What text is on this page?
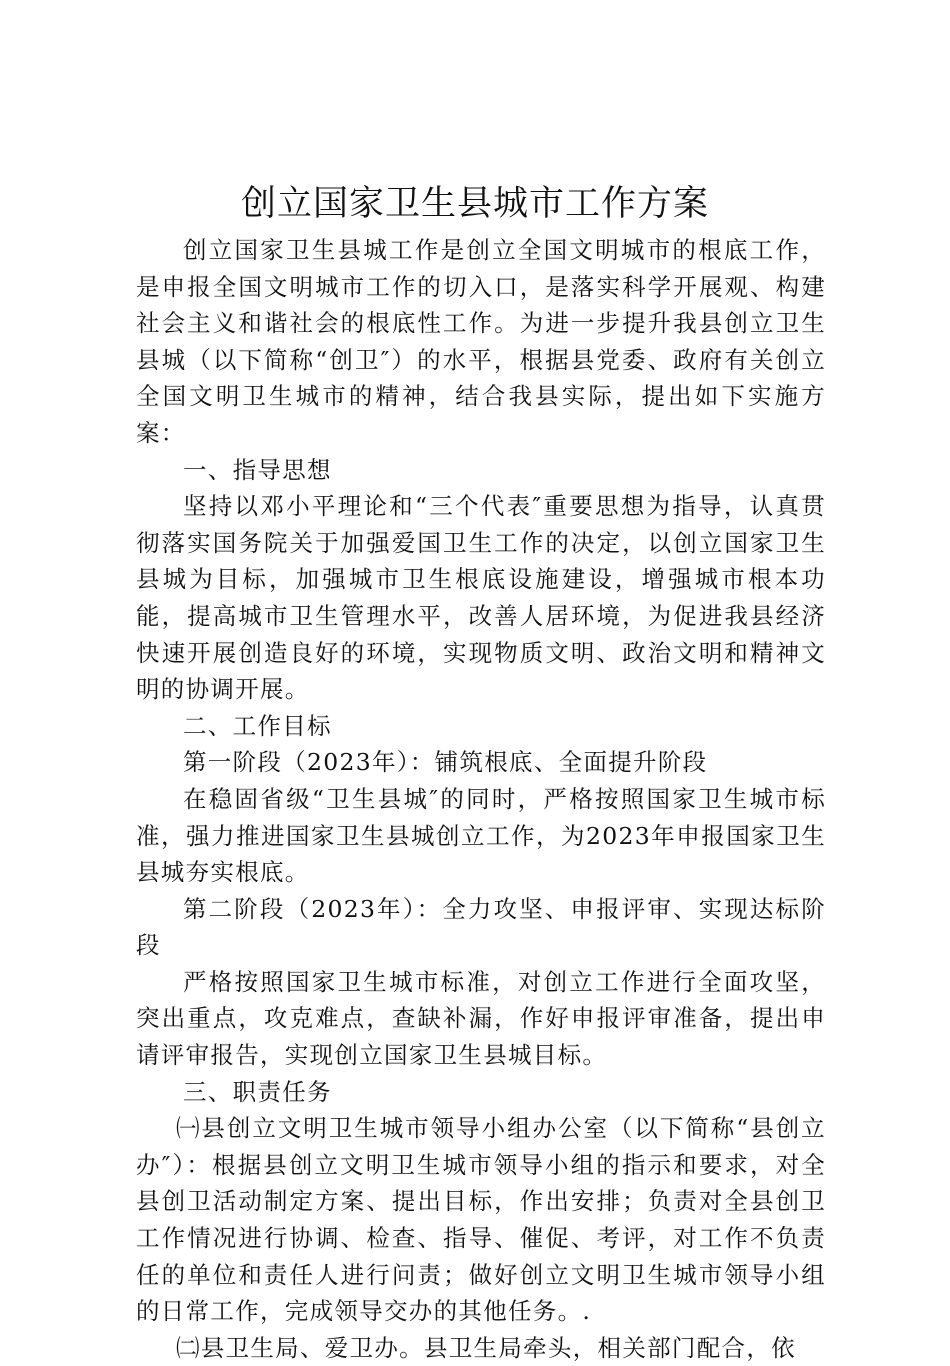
创立国家卫生县城市工作方案

创立国家卫生县城工作是创立全国文明城市的根底工作，是申报全国文明城市工作的切入口，是落实科学开展观、构建社会主义和谐社会的根底性工作。为进一步提升我县创立卫生县城（以下简称“创卫″）的水平，根据县党委、政府有关创立全国文明卫生城市的精神，结合我县实际，提出如下实施方案：

一、指导思想

坚持以邓小平理论和“三个代表″重要思想为指导，认真贯彻落实国务院关于加强爱国卫生工作的决定，以创立国家卫生县城为目标，加强城市卫生根底设施建设，增强城市根本功能，提高城市卫生管理水平，改善人居环境，为促进我县经济快速开展创造良好的环境，实现物质文明、政治文明和精神文明的协调开展。

二、工作目标

第一阶段（2023年）：铺筑根底、全面提升阶段

在稳固省级“卫生县城″的同时，严格按照国家卫生城市标准，强力推进国家卫生县城创立工作，为2023年申报国家卫生县城夯实根底。

第二阶段（2023年）：全力攻坚、申报评审、实现达标阶段

严格按照国家卫生城市标准，对创立工作进行全面攻坚，突出重点，攻克难点，查缺补漏，作好申报评审准备，提出申请评审报告，实现创立国家卫生县城目标。

三、职责任务

㈠县创立文明卫生城市领导小组办公室（以下简称“县创立办″）：根据县创立文明卫生城市领导小组的指示和要求，对全县创卫活动制定方案、提出目标，作出安排；负责对全县创卫工作情况进行协调、检查、指导、催促、考评，对工作不负责任的单位和责任人进行问责；做好创立文明卫生城市领导小组的日常工作，完成领导交办的其他任务。.

㈡县卫生局、爱卫办。县卫生局牵头，相关部门配合，依
